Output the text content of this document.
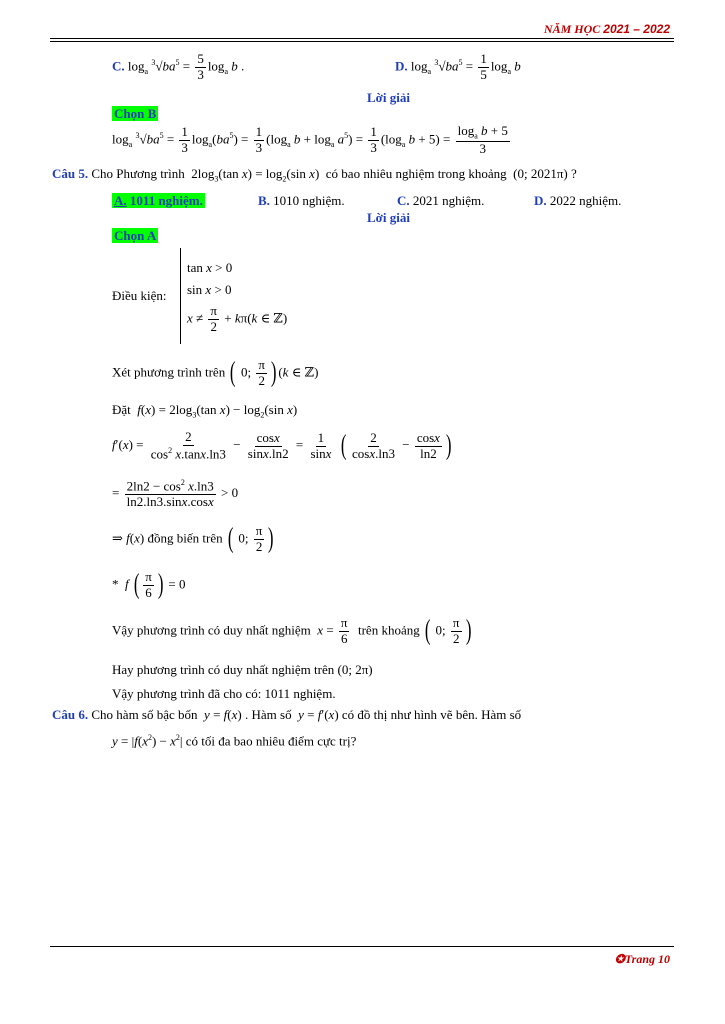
NĂM HỌC 2021 – 2022
C. $\log_a ^3√ba^5 = \frac{5}{3} \log_a b$ .	D. $\log_a ^3√ba^5 = \frac{1}{5} \log_a b$
Lời giải
Chọn B
$\log_a ^3√ba^5 = \frac{1}{3} \log_a(ba^5) = \frac{1}{3} (\log_a$ $b + \log_a a^5) = \frac{1}{3} (\log_a$ $b + 5) = \frac{\log_a b + 5}{3}$
Câu 5. Cho Phương trình  $2\log_3(\tan$ $x) = \log_2(\sin$ x)  có bao nhiêu nghiệm trong khoảng  (0; 2021π) ?
A. 1011 nghiệm.	B. 1010 nghiệm.	C. 2021 nghiệm.	D. 2022 nghiệm.
Lời giải
Chọn A
Điều kiện:
tan x > 0
sin x > 0
$x \ne \frac{\pi}{2} + k\pi(k$ ∈ ℤ)
Xét phương trình trên ( 0; $\frac{\pi}{2}$ ) (k ∈ ℤ)
Đặt $f(x) = 2\log_3(\tan$ $x) - \log_2(\sin$ x)
$f'(x) = \frac{2}{\cos^2 x.\tan x.\ln 3} - \frac{\cos x}{\sin x.\ln 2} = \frac{1}{\sin x}$ ( $\frac{2}{\cos x.\ln 3} - \frac{\cos x}{\ln 2}$ )
= $\frac{2\ln 2 - \cos^2 x.\ln 3}{\ln 2.\ln 3.\sin x.\cos x} > 0$
⇒ f(x) đồng biến trên ( 0; $\frac{\pi}{2}$ )
*  f ( $\frac{\pi}{6}$ ) = 0
Vậy phương trình có duy nhất nghiệm $x = \frac{\pi}{6}$ trên khoảng ( 0; $\frac{\pi}{2}$ )
Hay phương trình có duy nhất nghiệm trên (0; 2π)
Vậy phương trình đã cho có: 1011 nghiệm.
Câu 6. Cho hàm số bậc bốn y = f(x) . Hàm số y = f′(x) có đồ thị như hình vẽ bên. Hàm số
$y = |f(x^2) - x^2|$ có tối đa bao nhiêu điểm cực trị?
✪Trang 10
